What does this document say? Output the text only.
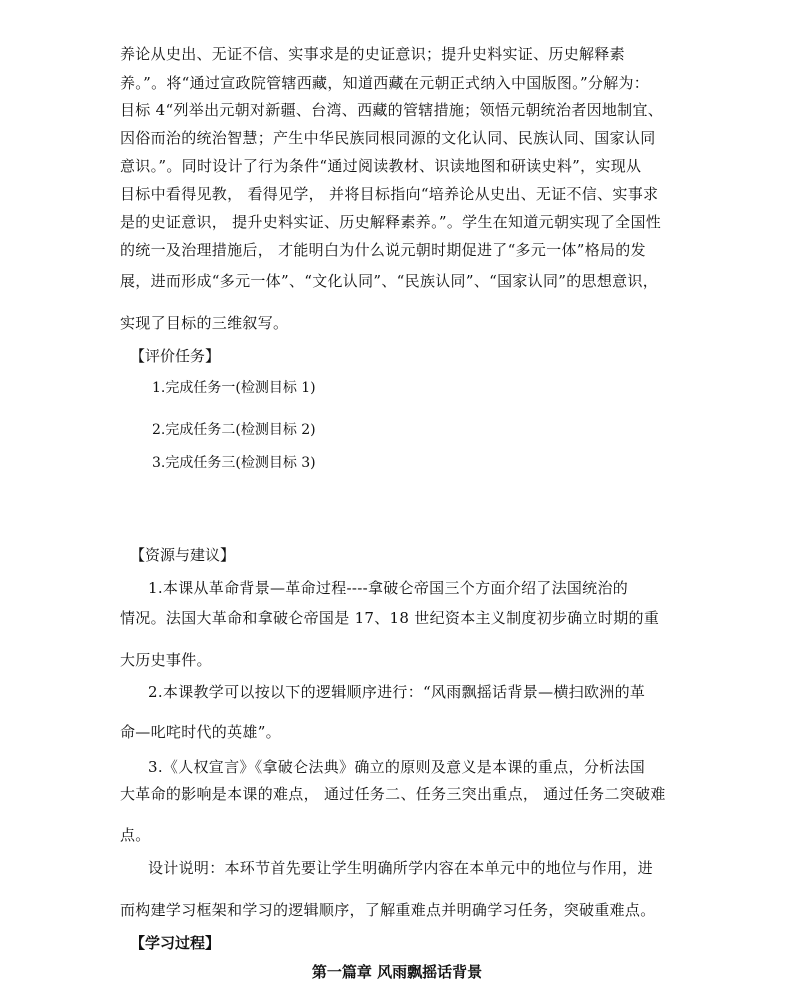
养论从史出、无证不信、实事求是的史证意识；提升史料实证、历史解释素
养。”。将“通过宣政院管辖西藏，知道西藏在元朝正式纳入中国版图。”分解为：
目标 4“列举出元朝对新疆、台湾、西藏的管辖措施；领悟元朝统治者因地制宜、
因俗而治的统治智慧；产生中华民族同根同源的文化认同、民族认同、国家认同
意识。”。同时设计了行为条件“通过阅读教材、识读地图和研读史料”，实现从
目标中看得见教， 看得见学， 并将目标指向“培养论从史出、无证不信、实事求
是的史证意识， 提升史料实证、历史解释素养。”。学生在知道元朝实现了全国性
的统一及治理措施后， 才能明白为什么说元朝时期促进了“多元一体”格局的发
展，进而形成“多元一体”、“文化认同”、“民族认同”、“国家认同”的思想意识，
实现了目标的三维叙写。
【评价任务】
1.完成任务一(检测目标 1)
2.完成任务二(检测目标 2)
3.完成任务三(检测目标 3)
【资源与建议】
1.本课从革命背景—革命过程----拿破仑帝国三个方面介绍了法国统治的
情况。法国大革命和拿破仑帝国是 17、18 世纪资本主义制度初步确立时期的重
大历史事件。
2.本课教学可以按以下的逻辑顺序进行：“风雨飘摇话背景—横扫欧洲的革
命—叱咤时代的英雄”。
3.《人权宣言》《拿破仑法典》确立的原则及意义是本课的重点，分析法国
大革命的影响是本课的难点， 通过任务二、任务三突出重点， 通过任务二突破难
点。
设计说明：本环节首先要让学生明确所学内容在本单元中的地位与作用，进
而构建学习框架和学习的逻辑顺序，了解重难点并明确学习任务，突破重难点。
【学习过程】
第一篇章 风雨飘摇话背景
